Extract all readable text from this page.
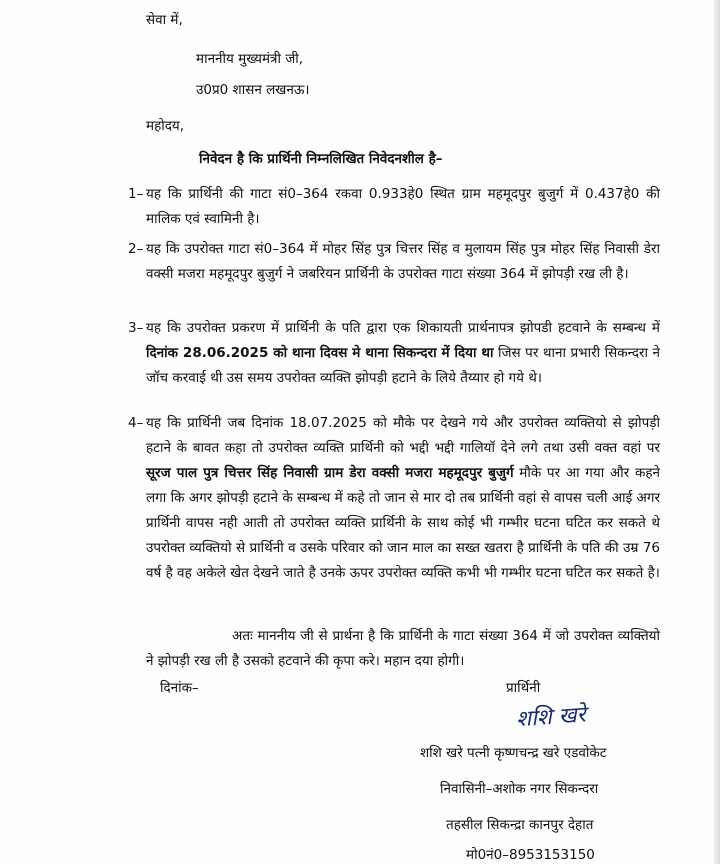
सेवा में,
माननीय मुख्यमंत्री जी,
उ0प्र0 शासन लखनऊ।
महोदय,
निवेदन है कि प्रार्थिनी निम्नलिखित निवेदनशील है–
1– यह कि प्रार्थिनी की गाटा सं0–364 रकवा 0.933हे0 स्थित ग्राम महमूदपुर बुजुर्ग में 0.437हे0 की मालिक एवं स्वामिनी है।
2– यह कि उपरोक्त गाटा सं0–364 में मोहर सिंह पुत्र चित्तर सिंह व मुलायम सिंह पुत्र मोहर सिंह निवासी डेरा वक्सी मजरा महमूदपुर बुजुर्ग ने जबरियन प्रार्थिनी के उपरोक्त गाटा संख्या 364 में झोपड़ी रख ली है।
3– यह कि उपरोक्त प्रकरण में प्रार्थिनी के पति द्वारा एक शिकायती प्रार्थनापत्र झोपडी हटवाने के सम्बन्ध में दिनांक 28.06.2025 को थाना दिवस मे थाना सिकन्दरा में दिया था जिस पर थाना प्रभारी सिकन्दरा ने जॉच करवाई थी उस समय उपरोक्त व्यक्ति झोपड़ी हटाने के लिये तैय्यार हो गये थे।
4– यह कि प्रार्थिनी जब दिनांक 18.07.2025 को मौके पर देखने गये और उपरोक्त व्यक्तियो से झोपड़ी हटाने के बावत कहा तो उपरोक्त व्यक्ति प्रार्थिनी को भद्दी भद्दी गालियॉ देने लगे तथा उसी वक्त वहां पर सूरज पाल पुत्र चित्तर सिंह निवासी ग्राम डेरा वक्सी मजरा महमूदपुर बुजुर्ग मौके पर आ गया और कहने लगा कि अगर झोपड़ी हटाने के सम्बन्ध में कहे तो जान से मार दो तब प्रार्थिनी वहां से वापस चली आई अगर प्रार्थिनी वापस नही आती तो उपरोक्त व्यक्ति प्रार्थिनी के साथ कोई भी गम्भीर घटना घटित कर सकते थे उपरोक्त व्यक्तियो से प्रार्थिनी व उसके परिवार को जान माल का सख्त खतरा है प्रार्थिनी के पति की उम्र 76 वर्ष है वह अकेले खेत देखने जाते है उनके ऊपर उपरोक्त व्यक्ति कभी भी गम्भीर घटना घटित कर सकते है।
अतः माननीय जी से प्रार्थना है कि प्रार्थिनी के गाटा संख्या 364 में जो उपरोक्त व्यक्तियो ने झोपड़ी रख ली है उसको हटवाने की कृपा करे। महान दया होगी।
दिनांक–	प्रार्थिनी
शशि खरे
शशि खरे पत्नी कृष्णचन्द्र खरे एडवोकेट
निवासिनी–अशोक नगर सिकन्दरा
तहसील सिकन्द्रा कानपुर देहात
मो0नं0–8953153150
